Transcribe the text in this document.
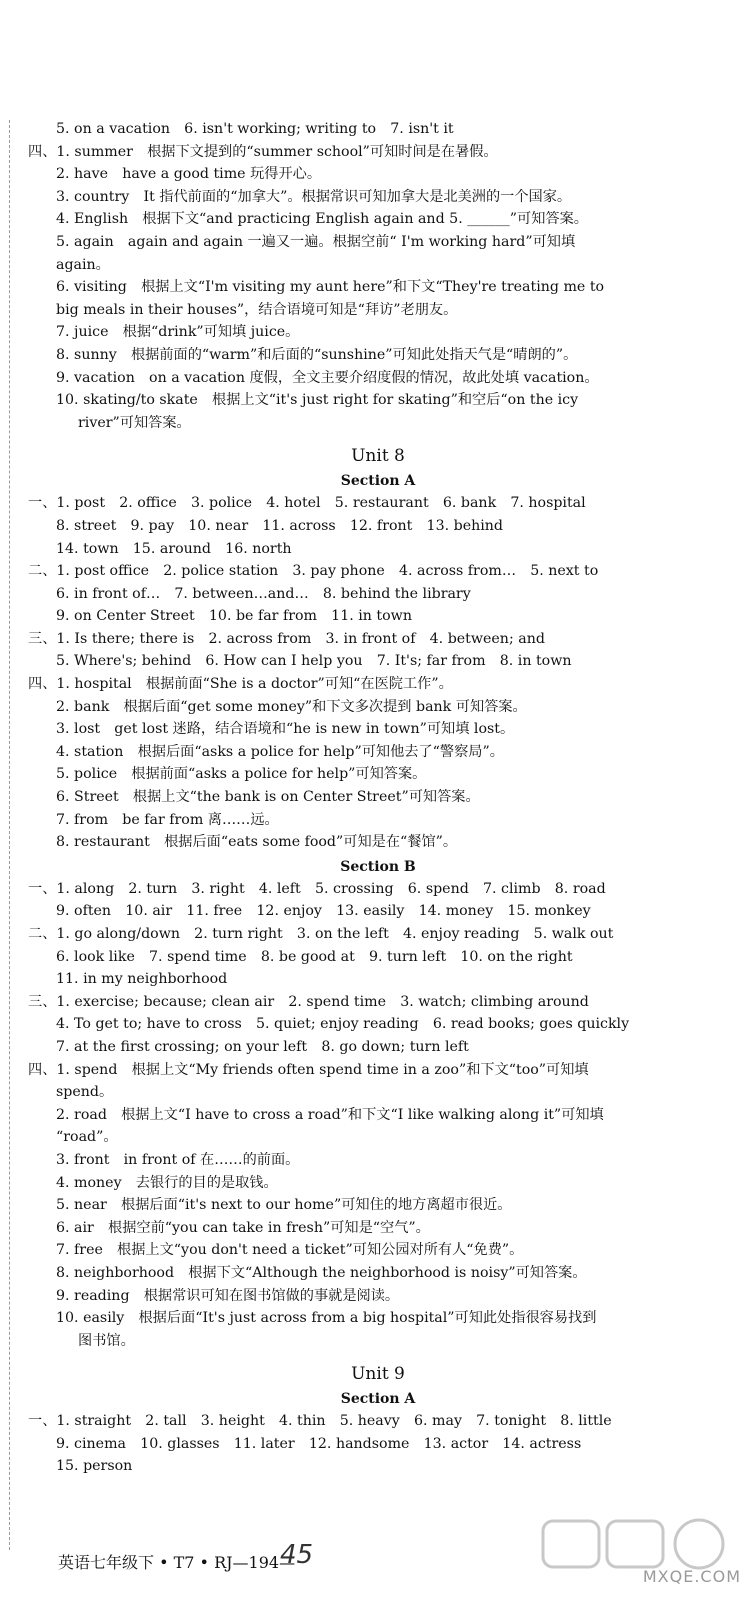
5. on a vacation　6. isn't working; writing to　7. isn't it
四、1. summer　根据下文提到的“summer school”可知时间是在暑假。
2. have　have a good time 玩得开心。
3. country　It 指代前面的“加拿大”。根据常识可知加拿大是北美洲的一个国家。
4. English　根据下文“and practicing English again and 5. ______”可知答案。
5. again　again and again 一遍又一遍。根据空前“ I'm working hard”可知填
again。
6. visiting　根据上文“I'm visiting my aunt here”和下文“They're treating me to
big meals in their houses”，结合语境可知是“拜访”老朋友。
7. juice　根据“drink”可知填 juice。
8. sunny　根据前面的“warm”和后面的“sunshine”可知此处指天气是“晴朗的”。
9. vacation　on a vacation 度假，全文主要介绍度假的情况，故此处填 vacation。
10. skating/to skate　根据上文“it's just right for skating”和空后“on the icy
river”可知答案。
Unit 8
Section A
一、1. post　2. office　3. police　4. hotel　5. restaurant　6. bank　7. hospital
8. street　9. pay　10. near　11. across　12. front　13. behind
14. town　15. around　16. north
二、1. post office　2. police station　3. pay phone　4. across from…　5. next to
6. in front of…　7. between…and…　8. behind the library
9. on Center Street　10. be far from　11. in town
三、1. Is there; there is　2. across from　3. in front of　4. between; and
5. Where's; behind　6. How can I help you　7. It's; far from　8. in town
四、1. hospital　根据前面“She is a doctor”可知“在医院工作”。
2. bank　根据后面“get some money”和下文多次提到 bank 可知答案。
3. lost　get lost 迷路，结合语境和“he is new in town”可知填 lost。
4. station　根据后面“asks a police for help”可知他去了“警察局”。
5. police　根据前面“asks a police for help”可知答案。
6. Street　根据上文“the bank is on Center Street”可知答案。
7. from　be far from 离……远。
8. restaurant　根据后面“eats some food”可知是在“餐馆”。
Section B
一、1. along　2. turn　3. right　4. left　5. crossing　6. spend　7. climb　8. road
9. often　10. air　11. free　12. enjoy　13. easily　14. money　15. monkey
二、1. go along/down　2. turn right　3. on the left　4. enjoy reading　5. walk out
6. look like　7. spend time　8. be good at　9. turn left　10. on the right
11. in my neighborhood
三、1. exercise; because; clean air　2. spend time　3. watch; climbing around
4. To get to; have to cross　5. quiet; enjoy reading　6. read books; goes quickly
7. at the first crossing; on your left　8. go down; turn left
四、1. spend　根据上文“My friends often spend time in a zoo”和下文“too”可知填
spend。
2. road　根据上文“I have to cross a road”和下文“I like walking along it”可知填
“road”。
3. front　in front of 在……的前面。
4. money　去银行的目的是取钱。
5. near　根据后面“it's next to our home”可知住的地方离超市很近。
6. air　根据空前“you can take in fresh”可知是“空气”。
7. free　根据上文“you don't need a ticket”可知公园对所有人“免费”。
8. neighborhood　根据下文“Although the neighborhood is noisy”可知答案。
9. reading　根据常识可知在图书馆做的事就是阅读。
10. easily　根据后面“It's just across from a big hospital”可知此处指很容易找到
图书馆。
Unit 9
Section A
一、1. straight　2. tall　3. height　4. thin　5. heavy　6. may　7. tonight　8. little
9. cinema　10. glasses　11. later　12. handsome　13. actor　14. actress
15. person
英语七年级下 • T7 • RJ—194—
45
MXQE.COM
